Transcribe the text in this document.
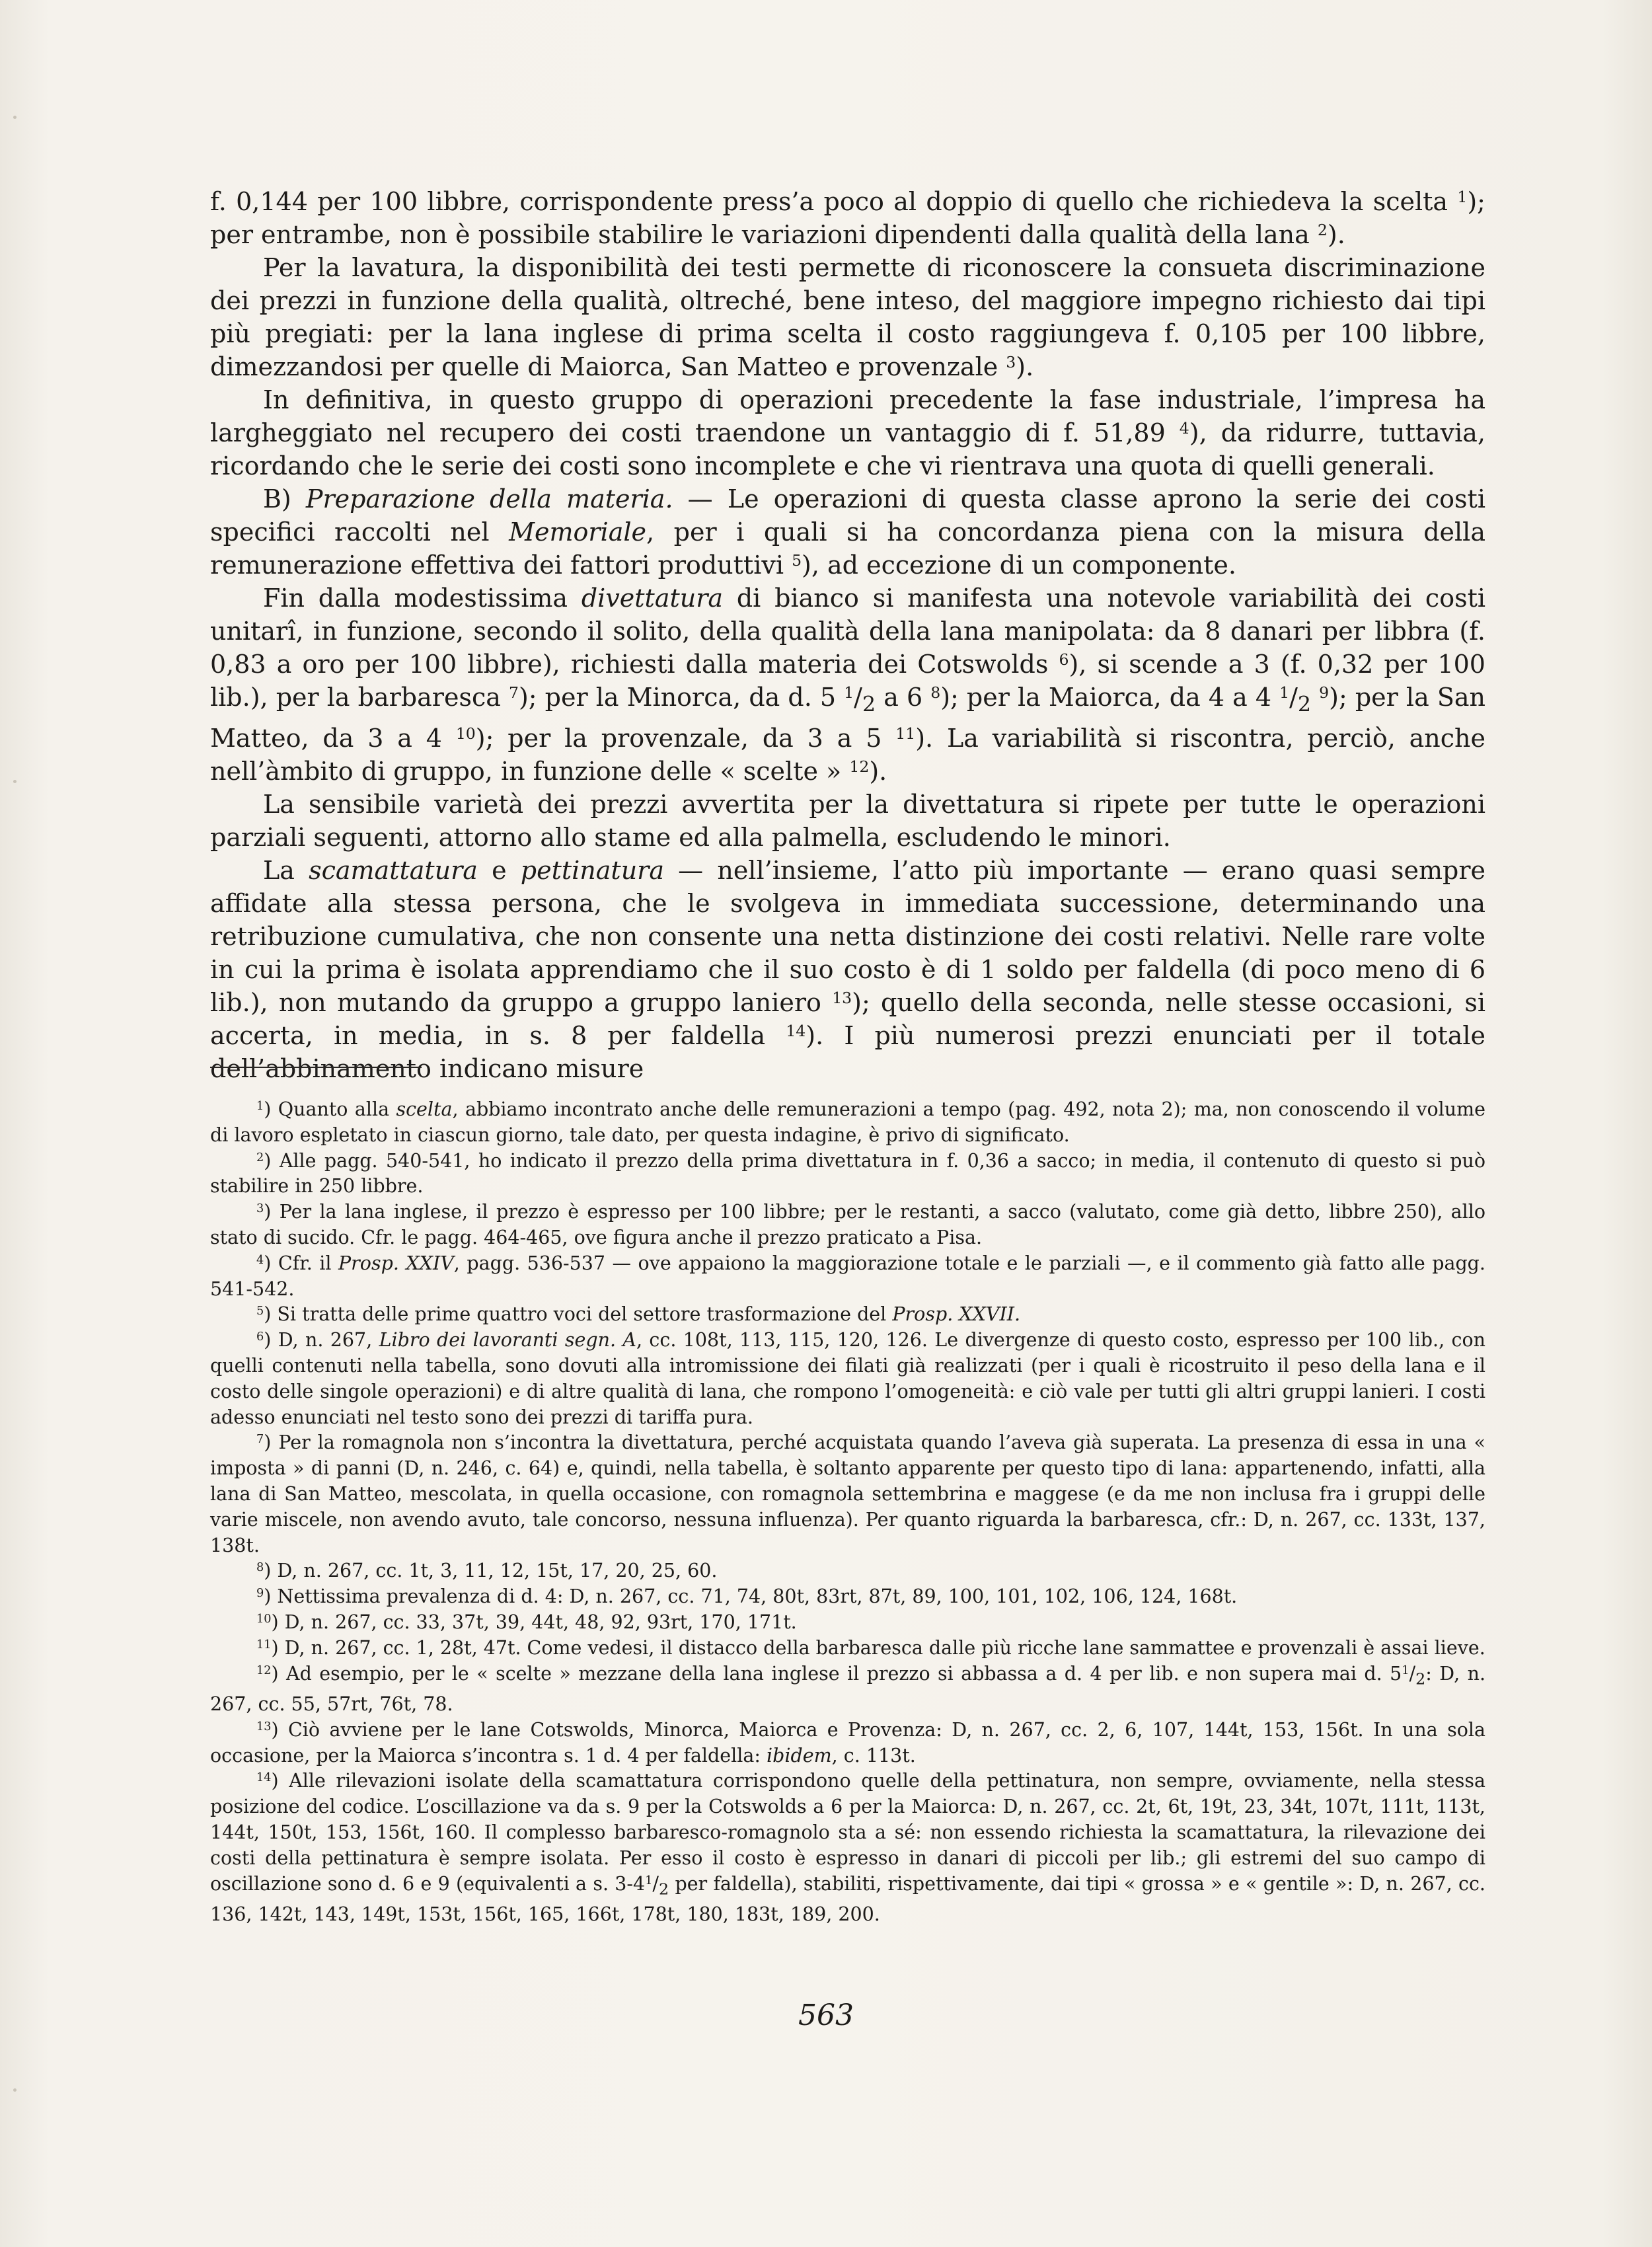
f. 0,144 per 100 libbre, corrispondente press’a poco al doppio di quello che richiedeva la scelta $^1$); per entrambe, non è possibile stabilire le variazioni dipendenti dalla qualità della lana $^2$).

Per la lavatura, la disponibilità dei testi permette di riconoscere la consueta discriminazione dei prezzi in funzione della qualità, oltreché, bene inteso, del maggiore impegno richiesto dai tipi più pregiati: per la lana inglese di prima scelta il costo raggiungeva f. 0,105 per 100 libbre, dimezzandosi per quelle di Maiorca, San Matteo e provenzale $^3$).

In definitiva, in questo gruppo di operazioni precedente la fase industriale, l’impresa ha largheggiato nel recupero dei costi traendone un vantaggio di f. 51,89 $^4$), da ridurre, tuttavia, ricordando che le serie dei costi sono incomplete e che vi rientrava una quota di quelli generali.

B) Preparazione della materia. — Le operazioni di questa classe aprono la serie dei costi specifici raccolti nel Memoriale, per i quali si ha concordanza piena con la misura della remunerazione effettiva dei fattori produttivi $^5$), ad eccezione di un componente.

Fin dalla modestissima divettatura di bianco si manifesta una notevole variabilità dei costi unitarî, in funzione, secondo il solito, della qualità della lana manipolata: da 8 danari per libbra (f. 0,83 a oro per 100 libbre), richiesti dalla materia dei Cotswolds $^6$), si scende a 3 (f. 0,32 per 100 lib.), per la barbaresca $^7$); per la Minorca, da d. 5 $^1/_2$ a 6 $^8$); per la Maiorca, da 4 a 4 $^1/_2$ $^9$); per la San Matteo, da 3 a 4 $^{10}$); per la provenzale, da 3 a 5 $^{11}$). La variabilità si riscontra, perciò, anche nell’àmbito di gruppo, in funzione delle « scelte » $^{12}$).

La sensibile varietà dei prezzi avvertita per la divettatura si ripete per tutte le operazioni parziali seguenti, attorno allo stame ed alla palmella, escludendo le minori.

La scamattatura e pettinatura — nell’insieme, l’atto più importante — erano quasi sempre affidate alla stessa persona, che le svolgeva in immediata successione, determinando una retribuzione cumulativa, che non consente una netta distinzione dei costi relativi. Nelle rare volte in cui la prima è isolata apprendiamo che il suo costo è di 1 soldo per faldella (di poco meno di 6 lib.), non mutando da gruppo a gruppo laniero $^{13}$); quello della seconda, nelle stesse occasioni, si accerta, in media, in s. 8 per faldella $^{14}$). I più numerosi prezzi enunciati per il totale dell’abbinamento indicano misure

$^1$) Quanto alla scelta, abbiamo incontrato anche delle remunerazioni a tempo (pag. 492, nota 2); ma, non conoscendo il volume di lavoro espletato in ciascun giorno, tale dato, per questa indagine, è privo di significato.

$^2$) Alle pagg. 540-541, ho indicato il prezzo della prima divettatura in f. 0,36 a sacco; in media, il contenuto di questo si può stabilire in 250 libbre.

$^3$) Per la lana inglese, il prezzo è espresso per 100 libbre; per le restanti, a sacco (valutato, come già detto, libbre 250), allo stato di sucido. Cfr. le pagg. 464-465, ove figura anche il prezzo praticato a Pisa.

$^4$) Cfr. il Prosp. XXIV, pagg. 536-537 — ove appaiono la maggiorazione totale e le parziali —, e il commento già fatto alle pagg. 541-542.

$^5$) Si tratta delle prime quattro voci del settore trasformazione del Prosp. XXVII.

$^6$) D, n. 267, Libro dei lavoranti segn. A, cc. 108t, 113, 115, 120, 126. Le divergenze di questo costo, espresso per 100 lib., con quelli contenuti nella tabella, sono dovuti alla intromissione dei filati già realizzati (per i quali è ricostruito il peso della lana e il costo delle singole operazioni) e di altre qualità di lana, che rompono l’omogeneità: e ciò vale per tutti gli altri gruppi lanieri. I costi adesso enunciati nel testo sono dei prezzi di tariffa pura.

$^7$) Per la romagnola non s’incontra la divettatura, perché acquistata quando l’aveva già superata. La presenza di essa in una « imposta » di panni (D, n. 246, c. 64) e, quindi, nella tabella, è soltanto apparente per questo tipo di lana: appartenendo, infatti, alla lana di San Matteo, mescolata, in quella occasione, con romagnola settembrina e maggese (e da me non inclusa fra i gruppi delle varie miscele, non avendo avuto, tale concorso, nessuna influenza). Per quanto riguarda la barbaresca, cfr.: D, n. 267, cc. 133t, 137, 138t.

$^8$) D, n. 267, cc. 1t, 3, 11, 12, 15t, 17, 20, 25, 60.

$^9$) Nettissima prevalenza di d. 4: D, n. 267, cc. 71, 74, 80t, 83rt, 87t, 89, 100, 101, 102, 106, 124, 168t.

$^{10}$) D, n. 267, cc. 33, 37t, 39, 44t, 48, 92, 93rt, 170, 171t.

$^{11}$) D, n. 267, cc. 1, 28t, 47t. Come vedesi, il distacco della barbaresca dalle più ricche lane sammattee e provenzali è assai lieve.

$^{12}$) Ad esempio, per le « scelte » mezzane della lana inglese il prezzo si abbassa a d. 4 per lib. e non supera mai d. $5^1/_2$: D, n. 267, cc. 55, 57rt, 76t, 78.

$^{13}$) Ciò avviene per le lane Cotswolds, Minorca, Maiorca e Provenza: D, n. 267, cc. 2, 6, 107, 144t, 153, 156t. In una sola occasione, per la Maiorca s’incontra s. 1 d. 4 per faldella: ibidem, c. 113t.

$^{14}$) Alle rilevazioni isolate della scamattatura corrispondono quelle della pettinatura, non sempre, ovviamente, nella stessa posizione del codice. L’oscillazione va da s. 9 per la Cotswolds a 6 per la Maiorca: D, n. 267, cc. 2t, 6t, 19t, 23, 34t, 107t, 111t, 113t, 144t, 150t, 153, 156t, 160. Il complesso barbaresco-romagnolo sta a sé: non essendo richiesta la scamattatura, la rilevazione dei costi della pettinatura è sempre isolata. Per esso il costo è espresso in danari di piccoli per lib.; gli estremi del suo campo di oscillazione sono d. 6 e 9 (equivalenti a s. $3-4^1/_2$ per faldella), stabiliti, rispettivamente, dai tipi « grossa » e « gentile »: D, n. 267, cc. 136, 142t, 143, 149t, 153t, 156t, 165, 166t, 178t, 180, 183t, 189, 200.

563
